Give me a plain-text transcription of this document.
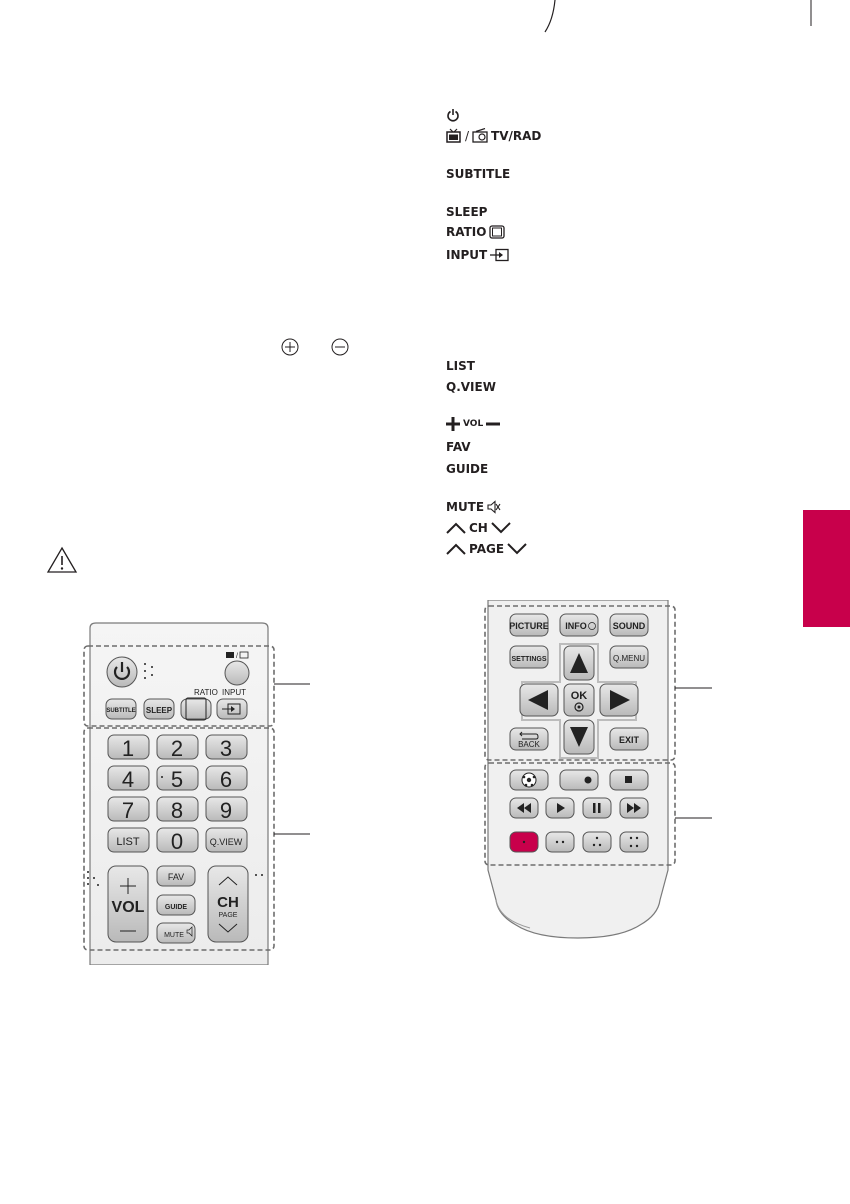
/ TV/RAD
SUBTITLE
SLEEP
RATIO
INPUT
LIST
Q.VIEW
VOL
FAV
GUIDE
MUTE
CH
PAGE
/
RATIO INPUT
SUBTITLE SLEEP
1 2 3
4 5 6
7 8 9
LIST 0	Q.VIEW
VOL
FAV
GUIDE
MUTE
CH
PAGE
PICTURE INFO	SOUND
SETTINGS	Q.MENU
OK
BACK	EXIT
